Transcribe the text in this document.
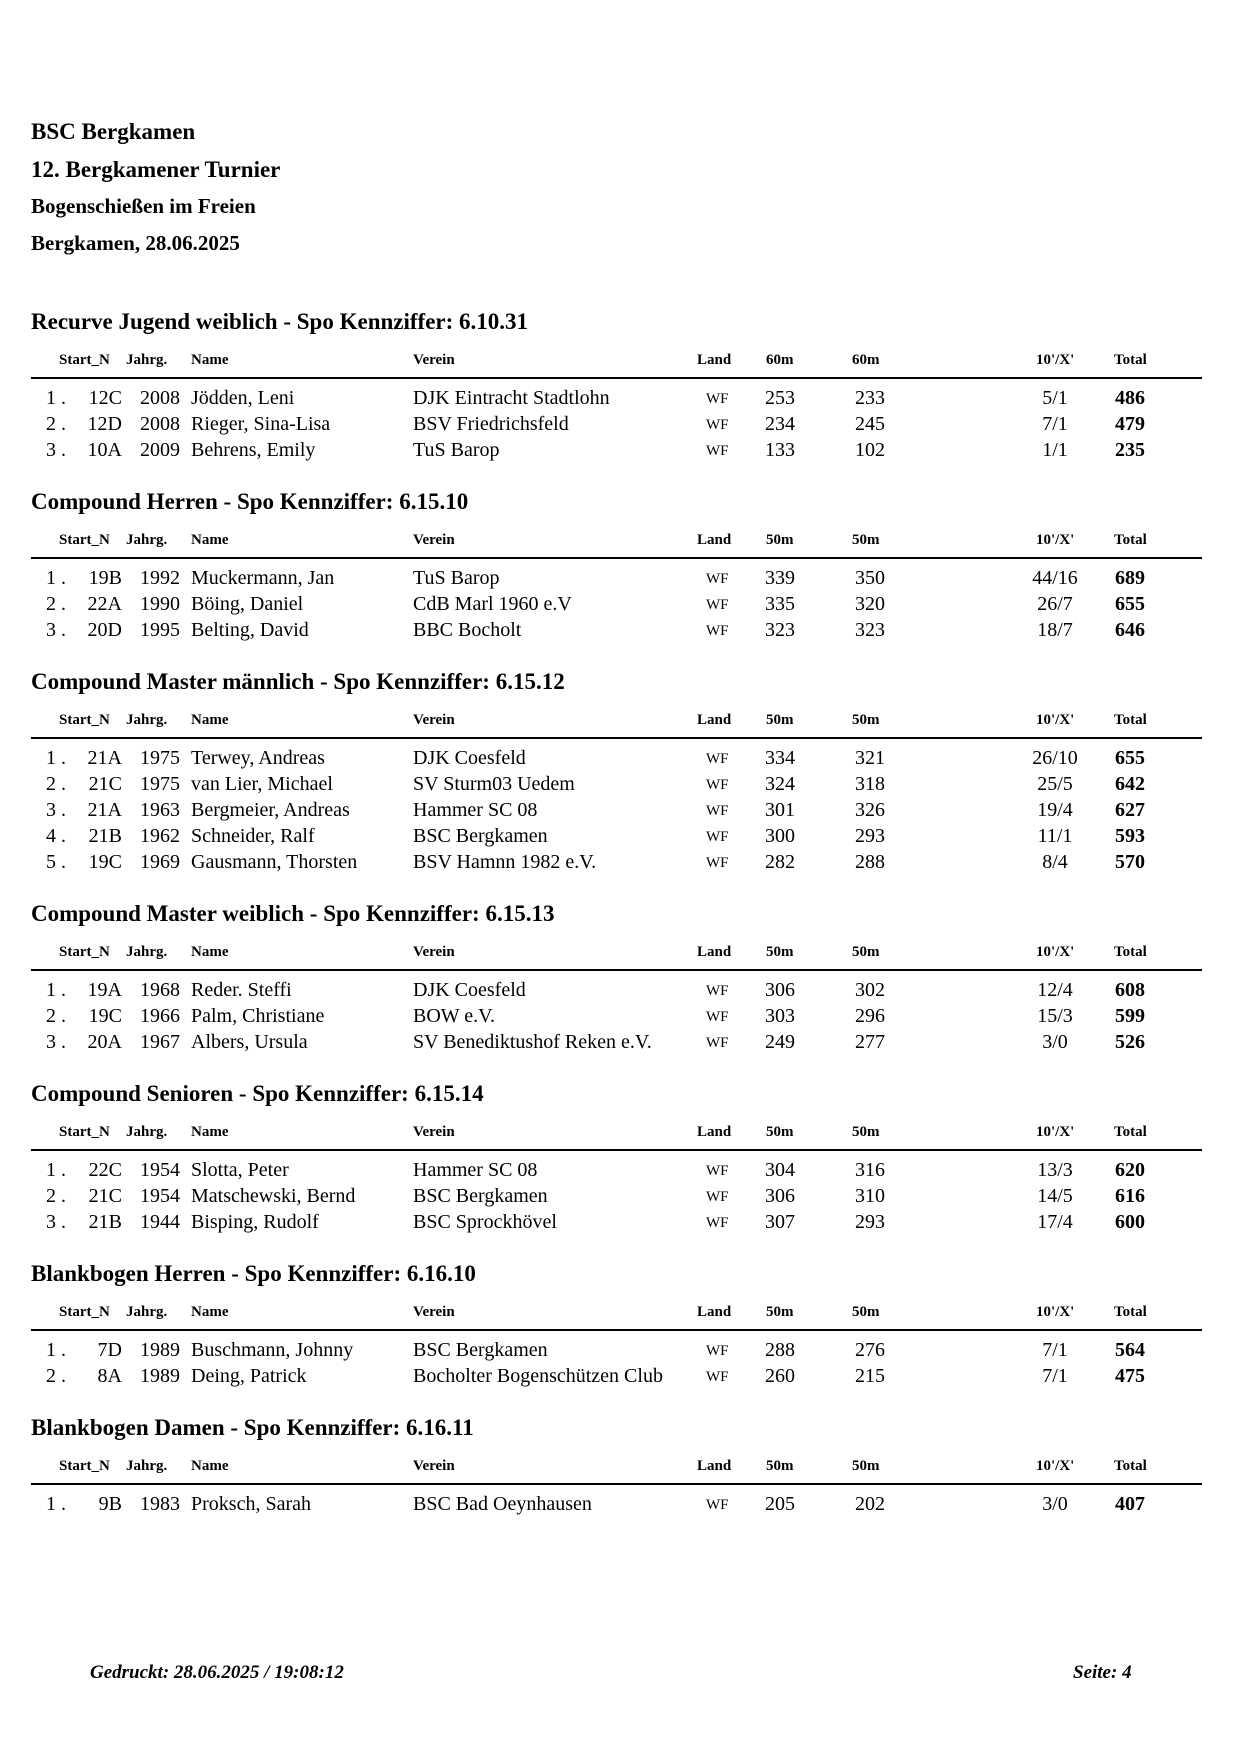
BSC Bergkamen

12. Bergkamener Turnier

Bogenschießen im Freien

Bergkamen, 28.06.2025

Recurve Jugend weiblich - Spo Kennziffer: 6.10.31
Start_N Jahrg. Name	Verein	Land 60m	60m	10'/X'	Total
1 .	12C 2008 Jödden, Leni	DJK Eintracht Stadtlohn	WF	253	233	5/1	486
2 .	12D 2008 Rieger, Sina-Lisa	BSV Friedrichsfeld	WF	234	245	7/1	479
3 .	10A 2009 Behrens, Emily	TuS Barop	WF	133	102	1/1	235
Compound Herren - Spo Kennziffer: 6.15.10
Start_N Jahrg. Name	Verein	Land 50m	50m	10'/X'	Total
1 .	19B 1992 Muckermann, Jan	TuS Barop	WF	339	350	44/16	689
2 .	22A 1990 Böing, Daniel	CdB Marl 1960 e.V	WF	335	320	26/7	655
3 .	20D 1995 Belting, David	BBC Bocholt	WF	323	323	18/7	646
Compound Master männlich - Spo Kennziffer: 6.15.12
Start_N Jahrg. Name	Verein	Land 50m	50m	10'/X'	Total
1 .	21A 1975 Terwey, Andreas	DJK Coesfeld	WF	334	321	26/10	655
2 .	21C 1975 van Lier, Michael	SV Sturm03 Uedem	WF	324	318	25/5	642
3 .	21A 1963 Bergmeier, Andreas	Hammer SC 08	WF	301	326	19/4	627
4 .	21B 1962 Schneider, Ralf	BSC Bergkamen	WF	300	293	11/1	593
5 .	19C 1969 Gausmann, Thorsten	BSV Hamnn 1982 e.V.	WF	282	288	8/4	570
Compound Master weiblich - Spo Kennziffer: 6.15.13
Start_N Jahrg. Name	Verein	Land 50m	50m	10'/X'	Total
1 .	19A 1968 Reder. Steffi	DJK Coesfeld	WF	306	302	12/4	608
2 .	19C 1966 Palm, Christiane	BOW e.V.	WF	303	296	15/3	599
3 .	20A 1967 Albers, Ursula	SV Benediktushof Reken e.V.	WF	249	277	3/0	526
Compound Senioren - Spo Kennziffer: 6.15.14
Start_N Jahrg. Name	Verein	Land 50m	50m	10'/X'	Total
1 .	22C 1954 Slotta, Peter	Hammer SC 08	WF	304	316	13/3	620
2 .	21C 1954 Matschewski, Bernd	BSC Bergkamen	WF	306	310	14/5	616
3 .	21B 1944 Bisping, Rudolf	BSC Sprockhövel	WF	307	293	17/4	600
Blankbogen Herren - Spo Kennziffer: 6.16.10
Start_N Jahrg. Name	Verein	Land 50m	50m	10'/X'	Total
1 .	7D 1989 Buschmann, Johnny	BSC Bergkamen	WF	288	276	7/1	564
2 .	8A 1989 Deing, Patrick	Bocholter Bogenschützen Club	WF	260	215	7/1	475
Blankbogen Damen - Spo Kennziffer: 6.16.11
Start_N Jahrg. Name	Verein	Land 50m	50m	10'/X'	Total
1 .	9B 1983 Proksch, Sarah	BSC Bad Oeynhausen	WF	205	202	3/0	407
Gedruckt: 28.06.2025 / 19:08:12	Seite: 4
